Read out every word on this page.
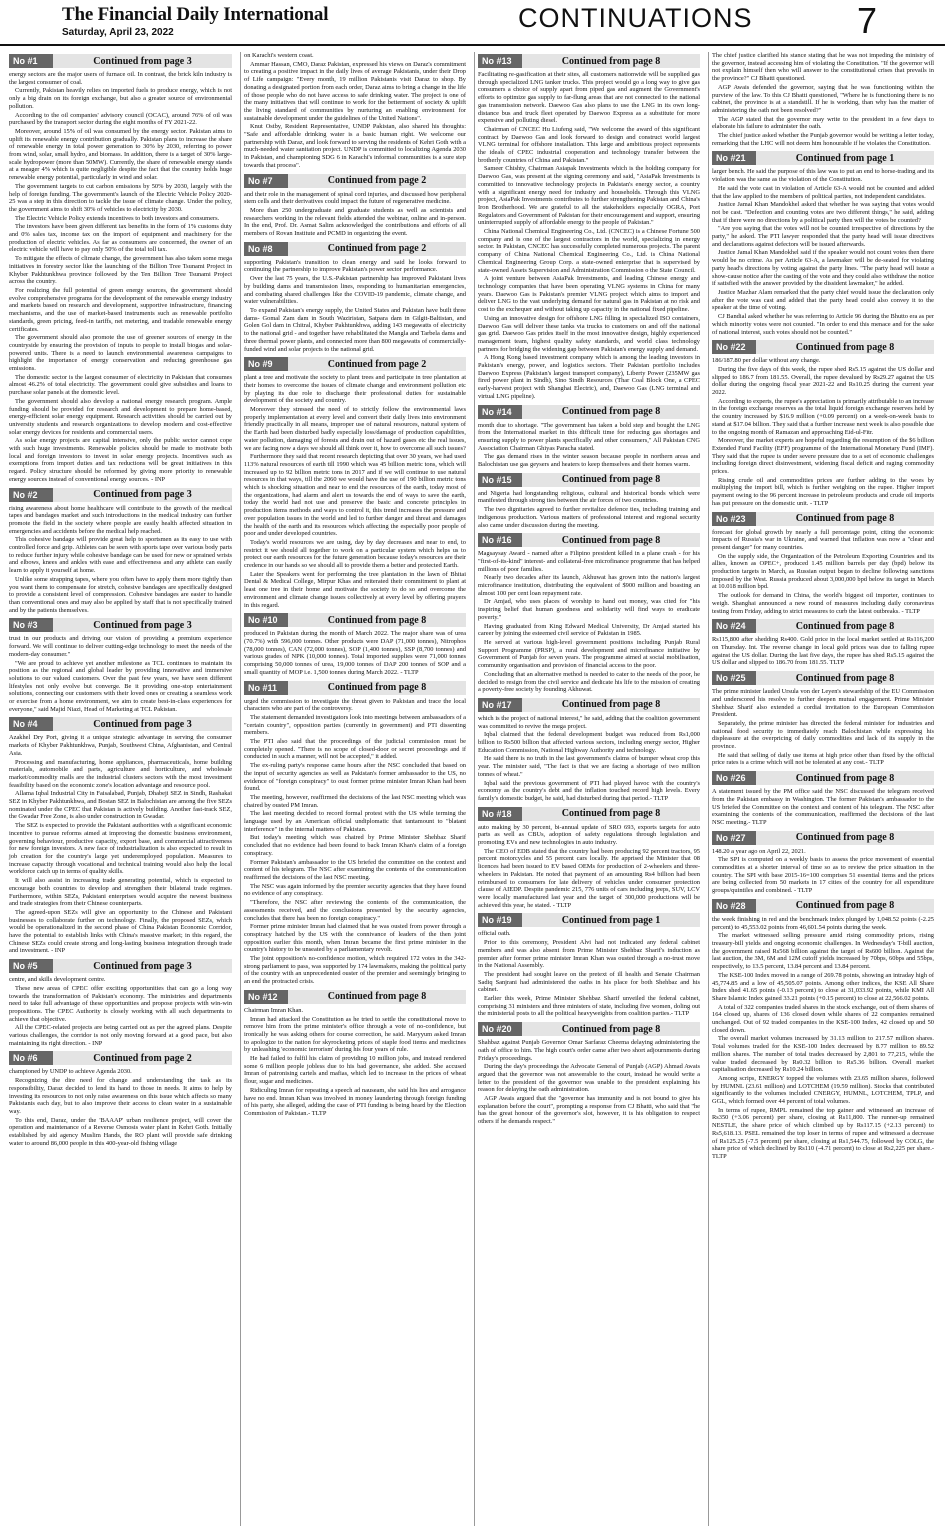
The Financial Daily International
Saturday, April 23, 2022	CONTINUATIONS	7
No #1	Continued from page 3

energy sectors are the major users of furnace oil. In contrast, the brick kiln industry is the largest consumer of coal.

Currently, Pakistan heavily relies on imported fuels to produce energy, which is not only a big drain on its foreign exchange, but also a greater source of environmental pollution.

According to the oil companies' advisory council (OCAC), around 76% of oil was purchased by the transport sector during the eight months of FY 2021-22.

Moreover, around 15% of oil was consumed by the energy sector. Pakistan aims to uplift its renewable energy contribution gradually. Pakistan plans to increase the share of renewable energy in total power generation to 30% by 2030, referring to power from wind, solar, small hydro, and biomass. In addition, there is a target of 30% large-scale hydropower (more than 50MW). Currently, the share of renewable energy stands at a meager 4% which is quite negligible despite the fact that the country holds huge renewable energy potential, particularly in wind and solar.

The government targets to cut carbon emissions by 50% by 2030, largely with the help of foreign funding. The government's launch of the Electric Vehicle Policy 2020-25 was a step in this direction to tackle the issue of climate change. Under the policy, the government aims to shift 30% of vehicles to electricity by 2030.

The Electric Vehicle Policy extends incentives to both investors and consumers.

The investors have been given different tax benefits in the form of 1% customs duty and 0% sales tax, income tax on the import of equipment and machinery for the production of electric vehicles. As far as consumers are concerned, the owner of an electric vehicle will have to pay only 50% of the total toll tax.

To mitigate the effects of climate change, the government has also taken some mega initiatives in forestry sector like the launching of the Billion Tree Tsunami Project in Khyber Pakhtunkhwa province followed by the Ten Billion Tree Tsunami Project across the country.

For realizing the full potential of green energy sources, the government should evolve comprehensive programs for the development of the renewable energy industry and markets based on research and development, supportive infrastructure, financing mechanisms, and the use of market-based instruments such as renewable portfolio standards, green pricing, feed-in tariffs, net metering, and tradable renewable energy certificates.

The government should also promote the use of greener sources of energy in the countryside by ensuring the provision of inputs to people to install biogas and solar-powered units. There is a need to launch environmental awareness campaigns to highlight the importance of energy conservation and reducing greenhouse gas emissions.

The domestic sector is the largest consumer of electricity in Pakistan that consumes almost 46.2% of total electricity. The government could give subsidies and loans to purchase solar panels at the domestic level.

The government should also develop a national energy research program. Ample funding should be provided for research and development to prepare home-based, energy-efficient solar energy equipment. Research activities should be carried out by university students and research organizations to develop modern and cost-effective solar energy devices for residents and commercial users.

As solar energy projects are capital intensive, only the public sector cannot cope with such huge investments. Renewable policies should be made to motivate both local and foreign investors to invest in solar energy projects. Incentives such as exemptions from import duties and tax reductions will be great initiatives in this regard. Policy structure should be reformed by giving more priority to renewable energy sources instead of conventional energy sources. - INP

No #2	Continued from page 3

rising awareness about home healthcare will contribute to the growth of the medical tapes and bandages market and such introductions in the medical industry can further promote the field in the society where people are easily health affected situation in emergencies and accidents before the medical help reached.

This cohesive bandage will provide great help to sportsmen as its easy to use with controlled force and grip. Athletes can be seen with sports tape over various body parts to reduce further injury while cohesive bandage can be used for new or sprained wrists and elbows, knees and ankles with ease and effectiveness and any athlete can easily learn to apply it yourself at home.

Unlike some strapping tapes, where you often have to apply them more tightly than you want them to compensate for stretch, cohesive bandages are specifically designed to provide a consistent level of compression. Cohesive bandages are easier to handle than conventional ones and may also be applied by staff that is not specifically trained and by the patients themselves.

No #3	Continued from page 3

trust in our products and driving our vision of providing a premium experience forward. We will continue to deliver cutting-edge technology to meet the needs of the modern-day consumer."

"We are proud to achieve yet another milestone as TCL continues to maintain its position as the regional and global leader by providing innovative and immersive solutions to our valued customers. Over the past few years, we have seen different lifestyles not only evolve but converge. Be it providing one-stop entertainment solutions, connecting our customers with their loved ones or creating a seamless work or exercise from a home environment, we aim to create best-in-class experiences for everyone," said Majid Niazi, Head of Marketing at TCL Pakistan.

No #4	Continued from page 3

Azakhel Dry Port, giving it a unique strategic advantage in serving the consumer markets of Khyber Pakhtunkhwa, Punjab, Southwest China, Afghanistan, and Central Asia.

Processing and manufacturing, home appliances, pharmaceuticals, home building materials, automobile and parts, agriculture and horticulture, and wholesale market/commodity malls are the industrial clusters sectors with the most investment feasibility based on the economic zone's location advantage and resource pool.

Allama Iqbal Industrial City in Faisalabad, Punjab, Dhabeji SEZ in Sindh, Rashakai SEZ in Khyber Pakhtunkhwa, and Bostan SEZ in Balochistan are among the five SEZs nominated under the CPEC that Pakistan is actively building. Another fast-track SEZ, the Gwadar Free Zone, is also under construction in Gwadar.

The SEZ is expected to provide the Pakistani authorities with a significant economic incentive to pursue reforms aimed at improving the domestic business environment, governing behaviour, productive capacity, export base, and commercial attractiveness for new foreign investors. A new face of industrialization is also expected to result in job creation for the country's large yet underemployed population. Measures to increase capacity through vocational and technical training would also help the local workforce catch up in terms of quality skills.

It will also assist in increasing trade generating potential, which is expected to encourage both countries to develop and strengthen their bilateral trade regimes. Furthermore, within SEZs, Pakistani enterprises would acquire the newest business and trade strategies from their Chinese counterparts.

The agreed-upon SEZs will give an opportunity to the Chinese and Pakistani businesses to collaborate further on technology. Finally, the proposed SEZs, which would be operationalized in the second phase of China Pakistan Economic Corridor, have the potential to establish links with China's massive market; in this regard, the Chinese SEZs could create strong and long-lasting business integration through trade and investment. - INP

No #5	Continued from page 3

centre, and skills development centre.

These new areas of CPEC offer exciting opportunities that can go a long way towards the transformation of Pakistan's economy. The ministries and departments need to take full advantage of these opportunities and propose projects with win-win propositions. The CPEC Authority is closely working with all such departments to achieve that objective.

All the CPEC-related projects are being carried out as per the agreed plans. Despite various challenges, the corridor is not only moving forward at a good pace, but also maintaining its right direction. - INP

No #6	Continued from page 2

championed by UNDP to achieve Agenda 2030.

Recognizing the dire need for change and understanding the task as its responsibility, Daraz decided to lend its hand to those in needs. It aims to help by investing its resources to not only raise awareness on this issue which affects so many Pakistanis each day, but to also improve their access to clean water in a sustainable way.

To this end, Daraz, under the 'BAAAP' urban resilience project, will cover the operation and maintenance of a Reverse Osmosis water plant in Kehri Goth. Initially established by aid agency Muslim Hands, the RO plant will provide safe drinking water to around 86,000 people in this 400-year-old fishing village

on Karachi's western coast.

Ammar Hassan, CMO, Daraz Pakistan, expressed his views on Daraz's commitment to creating a positive impact in the daily lives of average Pakistanis, under their Drop of Life campaign: "Every month, 19 million Pakistanis visit Daraz to shop. By donating a designated portion from each order, Daraz aims to bring a change in the life of those people who do not have access to safe drinking water. The project is one of the many initiatives that will continue to work for the betterment of society & uplift the living standard of communities by nurturing an enabling environment for sustainable development under the guidelines of the United Nations".

Knut Ostby, Resident Representative, UNDP Pakistan, also shared his thoughts: "Safe and affordable drinking water is a basic human right. We welcome our partnership with Daraz, and look forward to serving the residents of Kehri Goth with a much-needed water sanitation project. UNDP is committed to localizing Agenda 2030 in Pakistan, and championing SDG 6 in Karachi's informal communities is a sure step towards that process".

No #7	Continued from page 2

and their role in the management of spinal cord injuries, and discussed how peripheral stem cells and their derivatives could impact the future of regenerative medicine.

More than 250 undergraduate and graduate students as well as scientists and researchers working in the relevant fields attended the webinar, online and in-person. In the end, Prof. Dr. Asmat Salim acknowledged the contributions and efforts of all members of Rovan Institute and PCMD in organizing the event.

No #8	Continued from page 2

supporting Pakistan's transition to clean energy and said he looks forward to continuing the partnership to improve Pakistan's power sector performance.

Over the last 75 years, the U.S.-Pakistan partnership has improved Pakistani lives by building dams and transmission lines, responding to humanitarian emergencies, and combating shared challenges like the COVID-19 pandemic, climate change, and water vulnerabilities.

To expand Pakistan's energy supply, the United States and Pakistan have built three dams- Gomal Zam dam in South Waziristan, Satpara dam in Gilgit-Baltistan, and Golen Gol dam in Chitral, Khyber Pakhtunkhwa, adding 143 megawatts of electricity to the national grid - and together have rehabilitated the Mangla and Tarbela dams and three thermal power plants, and connected more than 800 megawatts of commercially-funded wind and solar projects to the national grid.

No #9	Continued from page 2

plant a tree and motivate the society to plant trees and participate in tree plantation at their homes to overcome the issues of climate change and environment pollution etc by playing its due role to discharge their professional duties for sustainable development of the society and country.

Moreover they stressed the need of to strictly follow the environmental laws properly implementation at every level and convert their daily lives into environment friendly practically in all means, improper use of natural resources, natural system of the Earth had been disturbed badly especially loss/damage of production capabilities, water pollution, damaging of forests and drain out of hazard gases etc the real issues, we are facing now a days we should all think over it, how to overcome all such issues?

Furthermore they said that recent research depicting that over 30 years, we had used 113% natural resources of earth till 1990 which was 45 billion metric tons, which will increased up to 92 billion metric tons in 2017 and if we will continue to use natural resources in that ways, till the 2060 we would have the use of 190 billion metric tons which is shocking situation and near to end the resources of the earth, today most of the organizations, had alarm and alert us towards the end of ways to save the earth, today the world had not use and preserve the basic and concrete principles in production items methods and ways to control it, this trend increases the pressure and over population issues in the world and led to further danger and threat and damages the health of the earth and its resources which affecting the especially poor people of poor and under developed countries.

Today's world resources we are using, day by day decreases and near to end, to restrict it we should all together to work on a particular system which helps us to protect our earth resources for the future generation because today's resources are their credence in our hands so we should all to provide them a better and protected Earth.

Later the Speakers went for performing the tree plantation in the lawn of Bhitai Dental & Medical College, Mirpur Khas and reiterated their commitment to plant at least one tree in their home and motivate the society to do so and overcome the environment and climate change issues collectively at every level by offering prayers in this regard.

No #10	Continued from page 8

produced in Pakistan during the month of March 2022. The major share was of urea (70.7%) with 596,000 tonnes. Other products were DAP (71,000 tonnes), Nitrophos (78,000 tonnes), CAN (72,000 tonnes), SOP (1,400 tonnes), SSP (8,700 tonnes) and various grades of NPK (10,000 tonnes). Total imported supplies were 71,000 tonnes comprising 50,000 tonnes of urea, 19,000 tonnes of DAP 200 tonnes of SOP and a small quantity of MOP i.e. 1,500 tonnes during March 2022. - TLTP

No #11	Continued from page 8

urged the commission to investigate the threat given to Pakistan and trace the local characters who are part of the controversy.

The statement demanded investigators look into meetings between ambassadors of a "certain country", opposition parties (currently in government) and PTI dissenting members.

The PTI also said that the proceedings of the judicial commission must be completely opened. "There is no scope of closed-door or secret proceedings and if conducted in such a manner, will not be accepted," it added.

The ex-ruling party's response came hours after the NSC concluded that based on the input of security agencies as well as Pakistan's former ambassador to the US, no evidence of "foreign conspiracy" to oust former prime minister Imran Khan had been found.

The meeting, however, reaffirmed the decisions of the last NSC meeting which was chaired by ousted PM Imran.

The last meeting decided to record formal protest with the US while terming the language used by an American official undiplomatic that tantamount to "blatant interference" in the internal matters of Pakistan.

But today's meeting which was chaired by Prime Minister Shehbaz Sharif concluded that no evidence had been found to back Imran Khan's claim of a foreign conspiracy.

Former Pakistan's ambassador to the US briefed the committee on the context and content of his telegram. The NSC after examining the contents of the communication reaffirmed the decisions of the last NSC meeting.

The NSC was again informed by the premier security agencies that they have found no evidence of any conspiracy.

"Therefore, the NSC after reviewing the contents of the communication, the assessments received, and the conclusions presented by the security agencies, concludes that there has been no foreign conspiracy."

Former prime minister Imran had claimed that he was ousted from power through a conspiracy hatched by the US with the connivance of leaders of the then joint opposition earlier this month, when Imran became the first prime minister in the country's history to be unseated by a parliamentary revolt.

The joint opposition's no-confidence motion, which required 172 votes in the 342-strong parliament to pass, was supported by 174 lawmakers, making the political party of the country with an unprecedented ouster of the premier and seemingly bringing to an end the protracted crisis.

No #12	Continued from page 8

Chairman Imran Khan.

Imran had attacked the Constitution as he tried to settle the constitutional move to remove him from the prime minister's office through a vote of no-confidence, but ironically he was asking others for course correction, he said. Maryyum asked Imran to apologize to the nation for skyrocketing prices of staple food items and medicines by unleashing 'economic terrorism' during his four years of rule.

He had failed to fulfil his claim of providing 10 million jobs, and instead rendered some 6 million people jobless due to his bad governance, she added. She accused Imran of patronising cartels and mafias, which led to increase in the prices of wheat flour, sugar and medicines.

Ridiculing Imran for repeating a speech ad nauseam, she said his lies and arrogance have no end. Imran Khan was involved in money laundering through foreign funding of his party, she alleged, adding the case of PTI funding is being heard by the Election Commission of Pakistan.- TLTP

No #13	Continued from page 8

Facilitating re-gasification at their sites, all customers nationwide will be supplied gas through specialized LNG tanker trucks. This project would go a long way to give gas consumers a choice of supply apart from piped gas and augment the Government's efforts to optimize gas supply to far-flung areas that are not connected to the national gas transmission network. Daewoo Gas also plans to use the LNG in its own long-distance bus and truck fleet operated by Daewoo Express as a substitute for more expensive and polluting diesel.

Chairman of CNCEC Hu Liufeng said, "We welcome the award of this significant contract by Daewoo Gas and look forward to design and construct world largest VLNG terminal for offshore installation. This large and ambitious project represents the ideals of CPEC industrial cooperation and technology transfer between the brotherly countries of China and Pakistan."

Sameer Chishty, Chairman Asiapak Investments which is the holding company for Daewoo Gas, was present at the signing ceremony and said, "AsiaPak Investments is committed to innovative technology projects in Pakistan's energy sector, a country with a significant energy need for industry and households. Through this VLNG project, AsiaPak Investments contributes to further strengthening Pakistan and China's Iron Brotherhood. We are grateful to all the stakeholders especially OGRA, Port Regulators and Government of Pakistan for their encouragement and support, ensuring uninterrupted supply of affordable energy to the people of Pakistan."

China National Chemical Engineering Co., Ltd. (CNCEC) is a Chinese Fortune 500 company and is one of the largest contractors in the world, specializing in energy sector. In Pakistan, CNCEC has successfully completed numerous projects. The parent company of China National Chemical Engineering Co., Ltd. is China National Chemical Engineering Group Corp. a state-owned enterprise that is supervised by state-owned Assets Supervision and Administration Commission o the State Council.

A joint venture between AsiaPak Investments, and leading Chinese energy and technology companies that have been operating VLNG systems in China for many years. Daewoo Gas is Pakistan's premier VLNG project which aims to import and deliver LNG to the vast underlying demand for natural gas in Pakistan at no risk and cost to the exchequer and without taking up capacity in the national fixed pipeline.

Using an innovative design for offshore LNG filling in specialized ISO containers, Daewoo Gas will deliver these tanks via trucks to customers on and off the national gas grid. Daewoo Gas prides itself in the most innovative design, highly experienced management team, highest quality safety standards, and world class technology partners for bridging the widening gap between Pakistan's energy supply and demand.

A Hong Kong based investment company which is among the leading investors in Pakistan's energy, power, and logistics sectors. Their Pakistan portfolio includes Daewoo Express (Pakistan's largest transport company), Liberty Power (235MW gas fired power plant in Sindh), Sino Sindh Resources (Thar Coal Block One, a CPEC early-harvest project with Shanghai Electric), and, Daewoo Gas (LNG terminal and virtual LNG pipeline).

No #14	Continued from page 8

month due to shortage. "The government has taken a bold step and bought the LNG from the International market in this difficult time for reducing gas shortages and ensuring supply to power plants specifically and other consumers," All Pakistan CNG Association Chairman Ghiyas Paracha stated.

The gas demand rises in the winter season because people in northern areas and Balochistan use gas geysers and heaters to keep themselves and their homes warm.

No #15	Continued from page 8

and Nigeria had longstanding religious, cultural and historical bonds which were manifested through strong ties between the air forces of two countries.

The two dignitaries agreed to further revitalize defence ties, including training and indigenous production. Various matters of professional interest and regional security also came under discussion during the meeting.

No #16	Continued from page 8

Magsaysay Award - named after a Filipino president killed in a plane crash - for his "first-of-its-kind" interest- and collateral-free microfinance programme that has helped millions of poor families.

Nearly two decades after its launch, Akhuwat has grown into the nation's largest microfinance institution, distributing the equivalent of $900 million and boasting an almost 100 per cent loan repayment rate.

Dr Amjad, who uses places of worship to hand out money, was cited for "his inspiring belief that human goodness and solidarity will find ways to eradicate poverty."

Having graduated from King Edward Medical University, Dr Amjad started his career by joining the esteemed civil service of Pakistan in 1985.

He served at various high-level government positions including Punjab Rural Support Programme (PRSP), a rural development and microfinance initiative by Government of Punjab for seven years. The programme aimed at social mobilisation, community organisation and provision of financial access to the poor.

Concluding that an alternative method is needed to cater to the needs of the poor, he decided to resign from the civil service and dedicate his life to the mission of creating a poverty-free society by founding Akhuwat.

No #17	Continued from page 8

which is the project of national interest," he said, adding that the coalition government was committed to revive the mega project.

Iqbal claimed that the federal development budget was reduced from Rs1,000 billion to Rs500 billion that affected various sectors, including energy sector, Higher Education Commission, National Highway Authority and technology.

He said there is no truth in the last government's claims of bumper wheat crop this year. The minister said, "The fact is that we are facing a shortage of two million tonnes of wheat."

Iqbal said the previous government of PTI had played havoc with the country's economy as the country's debt and the inflation touched record high levels. Every family's domestic budget, he said, had disturbed during that period.- TLTP

No #18	Continued from page 8

auto making by 30 percent, bi-annual update of SRO 693, exports targets for auto parts as well as CBUs, adoption of safety regulations through legislation and promoting EVs and new technologies in auto industry.

The CEO of EDB stated that the country had been producing 92 percent tractors, 95 percent motorcycles and 55 percent cars locally. He apprised the Minister that 08 licences had been issued to EV based OEMs for production of 2-wheelers and three-wheelers in Pakistan. He noted that payment of an amounting Rs4 billion had been reimbursed to consumers for late delivery of vehicles under consumer protection clause of AIEDP. Despite pandemic 215, 776 units of cars including jeeps, SUV, LCV were locally manufactured last year and the target of 300,000 productions will be achieved this year, he stated. - TLTP

No #19	Continued from page 1

official oath.

Prior to this ceremony, President Alvi had not indicated any federal cabinet members and was also absent from Prime Minister Shehbaz Sharif's induction as premier after former prime minister Imran Khan was ousted through a no-trust move in the National Assembly.

The president had sought leave on the pretext of ill health and Senate Chairman Sadiq Sanjrani had administered the oaths in his place for both Shehbaz and his cabinet.

Earlier this week, Prime Minister Shehbaz Sharif unveiled the federal cabinet, comprising 31 ministers and three ministers of state, including five women, doling out the ministerial posts to all the political heavyweights from coalition parties.- TLTP

No #20	Continued from page 8

Shahbaz against Punjab Governor Omar Sarfaraz Cheema delaying administering the oath of office to him. The high court's order came after two short adjournments during Friday's proceedings.

During the day's proceedings the Advocate General of Punjab (AGP) Ahmad Awais argued that the governor was not answerable to the court, instead he would write a letter to the president of the governor was unable to the president explaining his reason for delaying the oath administration.

AGP Awais argued that the "governor has immunity and is not bound to give his explanation before the court", prompting a response from CJ Bhatti, who said that "he has the great honour of the governor's slot, however, it is his obligation to respect others if he demands respect."

The chief justice clarified his stance stating that he was not impeding the ministry of the governor, instead accessing him of violating the Constitution. "If the governor will not explain himself then who will answer to the constitutional crises that prevails in the province?" CJ Bhatti questioned.

AGP Awais defended the governor, saying that he was functioning within the purview of the law. To this CJ Bhatti questioned, "Where he is functioning there is no cabinet, the province is at a standstill. If he is working, than why has the matter of administering the oath not been resolved?"

The AGP stated that the governor may write to the president in a few days to elaborate his failure to administer the oath.

The chief justice asked whether the Punjab governor would be writing a letter today, remarking that the LHC will not deem him honourable if he violates the Constitution.

No #21	Continued from page 1

larger bench. He said the purpose of this law was to put an end to horse-trading and its violation was the same as the violation of the Constitution.

He said the vote cast in violation of Article 63-A would not be counted and added that the law applied to the members of political parties, not independent candidates.

Justice Jamal Khan Mandokhel asked that whether he was saying that votes would not be cast. "Defection and counting votes are two different things," he said, adding that if there were no directions by a political party then will the votes be counted?

"Are you saying that the votes will not be counted irrespective of directions by the party," he asked. The PTI lawyer responded that the party head will issue directives and declarations against defectors will be issued afterwards.

Justice Jamal Khan Mandokhel said if the speaker would not count votes then there would be no crime. As per Article 63-A, a lawmaker will be de-seated for violating party head's directions by voting against the party lines. "The party head will issue a show-cause notice after the casting of the vote and they could also withdraw the notice if satisfied with the answer provided by the dissident lawmaker," he added.

Justice Mazhar Alam remarked that the party chief would issue the declaration only after the vote was cast and added that the party head could also convey it to the speaker at the time of voting.

CJ Bandial asked whether he was referring to Article 96 during the Bhutto era as per which minority votes were not counted. "In order to end this menace and for the sake of national interest, such votes should not be counted."

No #22	Continued from page 8

186/187.80 per dollar without any change.

During the five days of this week, the rupee shed Rs5.15 against the US dollar and slipped to 186.7 from 181.55. Overall, the rupee devalued by Rs29.27 against the US dollar during the ongoing fiscal year 2021-22 and Rs10.25 during the current year 2022.

According to experts, the rupee's appreciation is primarily attributable to an increase in the foreign exchange reserves as the total liquid foreign exchange reserves held by the country increased by $16.9 million (+0.09 percent) on a week-on-week basis to stand at $17.04 billion. They said that a further increase next week is also possible due to the ongoing month of Ramazan and approaching Eid-ul-Fitr.

Moreover, the market experts are hopeful regarding the resumption of the $6 billion Extended Fund Facility (EFF) programme of the International Monetary Fund (IMF). They said that the rupee is under severe pressure due to a set of economic challenges including foreign direct disinvestment, widening fiscal deficit and raging commodity prices.

Rising crude oil and commodities prices are further adding to the woes by multiplying the import bill, which is further weighing on the rupee. Higher import payment owing to the 96 percent increase in petroleum products and crude oil imports has put pressure on the domestic unit. - TLTP

No #23	Continued from page 8

forecast for global growth by nearly a full percentage point, citing the economic impacts of Russia's war in Ukraine, and warned that inflation was now a "clear and present danger" for many countries.

On the supply side, the Organization of the Petroleum Exporting Countries and its allies, known as OPEC+, produced 1.45 million barrels per day (bpd) below its production targets in March, as Russian output began to decline following sanctions imposed by the West. Russia produced about 3,000,000 bpd below its target in March at 10.018 million bpd.

The outlook for demand in China, the world's biggest oil importer, continues to weigh. Shanghai announced a new round of measures including daily coronavirus testing from Friday, adding to strict measures to curb the latest outbreaks. - TLTP

No #24	Continued from page 8

Rs115,800 after shedding Rs400. Gold price in the local market settled at Rs116,200 on Thursday. Int. The reverse change in local gold prices was due to falling rupee against the US dollar. During the last five days, the rupee has shed Rs5.15 against the US dollar and slipped to 186.70 from 181.55. TLTP

No #25	Continued from page 8

The prime minister lauded Ursula von der Leyen's stewardship of the EU Commission and underscored his resolve to further deepen mutual engagement. Prime Minister Shehbaz Sharif also extended a cordial invitation to the European Commission President.

Separately, the prime minister has directed the federal minister for industries and national food security to immediately reach Balochistan while expressing his displeasure at the overpricing of daily commodities and lack of its supply in the province.

He said that selling of daily use items at high price other than fixed by the official price rates is a crime which will not be tolerated at any cost.- TLTP

No #26	Continued from page 8

A statement issued by the PM office said the NSC discussed the telegram received from the Pakistan embassy in Washington. The former Pakistan's ambassador to the US briefed the Committee on the context and content of his telegram. The NSC after examining the contents of the communication, reaffirmed the decisions of the last NSC meeting.- TLTP

No #27	Continued from page 8

148.20 a year ago on April 22, 2021.

The SPI is computed on a weekly basis to assess the price movement of essential commodities at a shorter interval of time so as to review the price situation in the country. The SPI with base 2015-16=100 comprises 51 essential items and the prices are being collected from 50 markets in 17 cities of the country for all expenditure groups/quintiles and combined. - TLTP

No #28	Continued from page 8

the week finishing in red and the benchmark index plunged by 1,048.52 points (-2.25 percent) to 45,553.02 points from 46,601.54 points during the week.

The market witnessed selling pressure amid rising commodity prices, rising treasury-bill yields and ongoing economic challenges. In Wednesday's T-bill auction, the government raised Rs568 billion against the target of Rs600 billion. Against the last auction, the 3M, 6M and 12M cutoff yields increased by 70bps, 60bps and 55bps, respectively, to 13.5 percent, 13.84 percent and 13.84 percent.

The KSE-100 Index moved in a range of 269.78 points, showing an intraday high of 45,774.85 and a low of 45,505.07 points. Among other indices, the KSE All Share Index shed 41.65 points (-0.13 percent) to close at 31,033.92 points, while KMI All Share Islamic Index gained 33.21 points (+0.15 percent) to close at 22,566.02 points.

A total of 322 companies traded shares in the stock exchange, out of them shares of 164 closed up, shares of 136 closed down while shares of 22 companies remained unchanged. Out of 92 traded companies in the KSE-100 Index, 42 closed up and 50 closed down.

The overall market volumes increased by 31.13 million to 217.57 million shares. Total volumes traded for the KSE-100 Index decreased by 8.77 million to 89.52 million shares. The number of total trades decreased by 2,801 to 77,215, while the value traded decreased by Rs0.32 billion to Rs5.36 billion. Overall market capitalisation decreased by Rs10.24 billion.

Among scrips, ENERGY topped the volumes with 23.65 million shares, followed by HUMNL (23.61 million) and LOTCHEM (19.59 million). Stocks that contributed significantly to the volumes included CNERGY, HUMNL, LOTCHEM, TPLP, and GGL, which formed over 44 percent of total volumes.

In terms of rupee, RMPL remained the top gainer and witnessed an increase of Rs350 (+3.06 percent) per share, closing at Rs11,800. The runner-up remained NESTLE, the share price of which climbed up by Rs117.15 (+2.13 percent) to Rs5,618.13. PSEL remained the top loser in terms of rupee and witnessed a decrease of Rs125.25 (-7.5 percent) per share, closing at Rs1,544.75, followed by COLG, the share price of which declined by Rs110 (-4.71 percent) to close at Rs2,225 per share.- TLTP
